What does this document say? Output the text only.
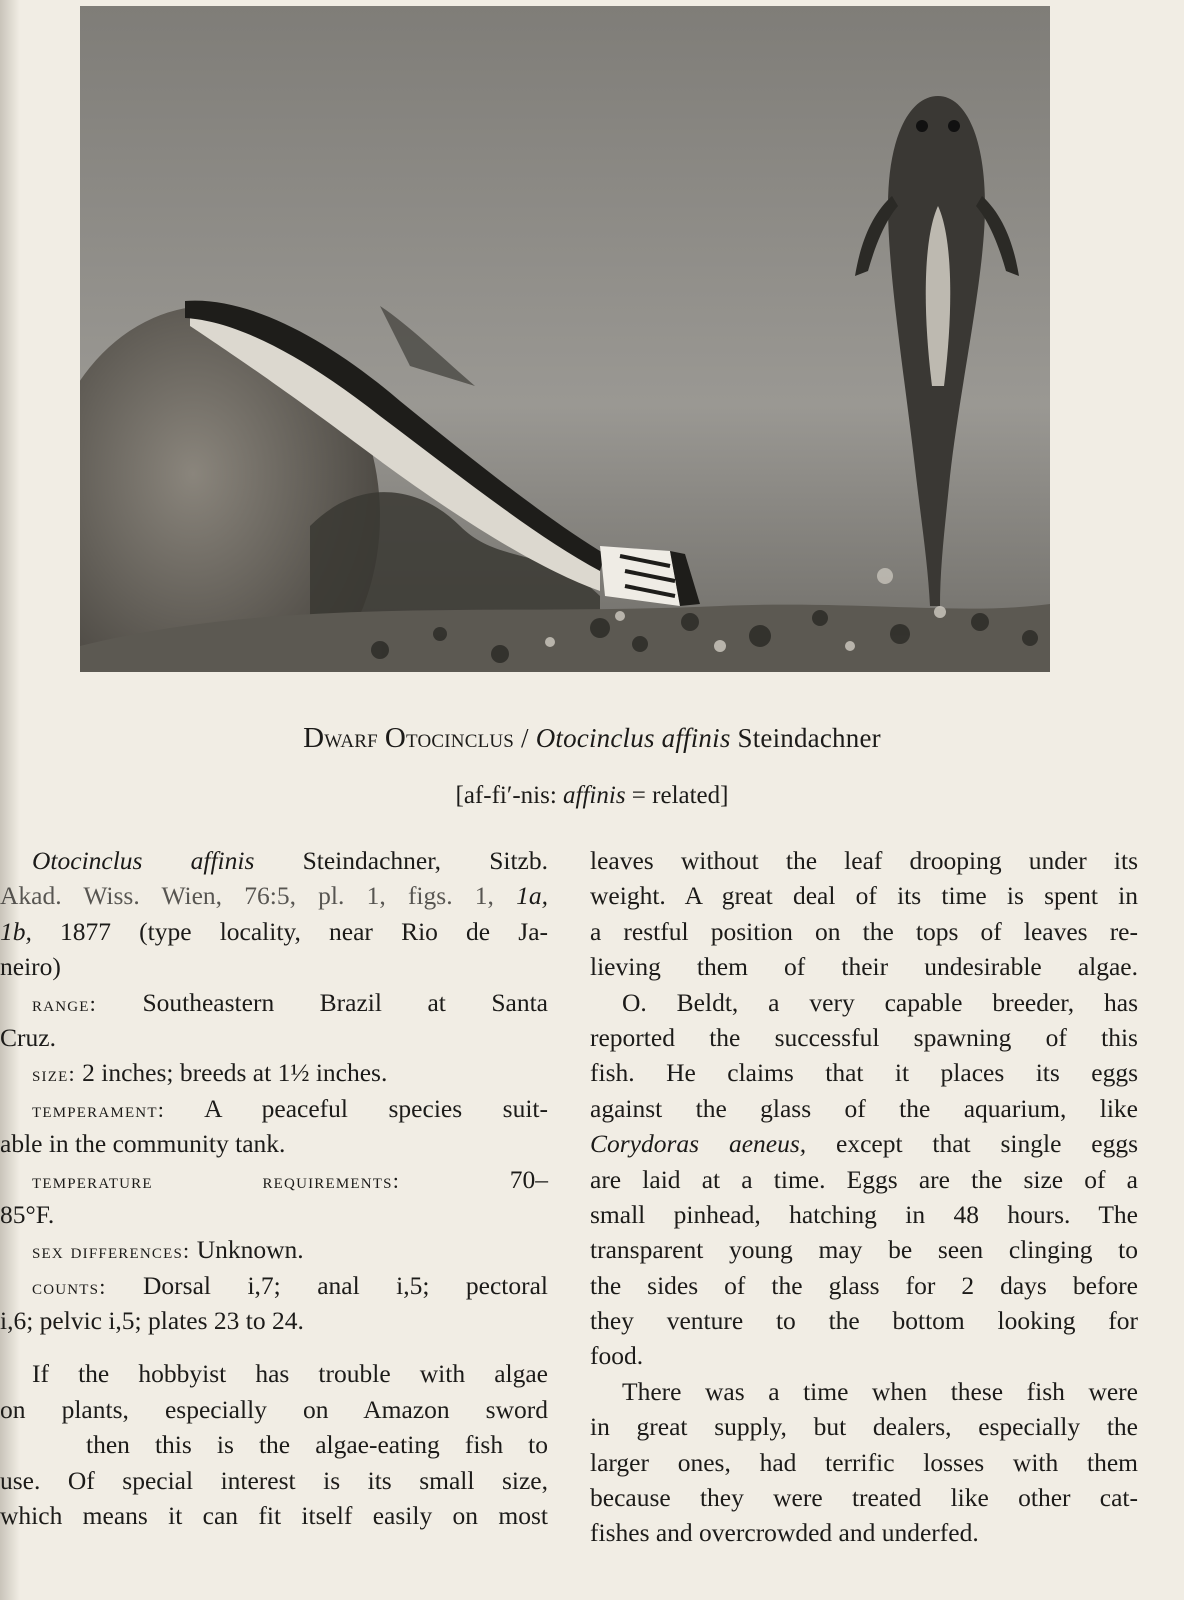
Dwarf Otocinclus / Otocinclus affinis Steindachner
[af-fi′-nis: affinis = related]
Otocinclus affinis Steindachner, Sitzb.
Akad. Wiss. Wien, 76:5, pl. 1, figs. 1, 1a,
1b, 1877 (type locality, near Rio de Ja-
neiro)
range: Southeastern Brazil at Santa
Cruz.
size: 2 inches; breeds at 1½ inches.
temperament: A peaceful species suit-
able in the community tank.
temperature	requirements:	70–
85°F.
sex differences: Unknown.
counts: Dorsal i,7; anal i,5; pectoral
i,6; pelvic i,5; plates 23 to 24.
If the hobbyist has trouble with algae
on plants, especially on Amazon sword
then this is the algae-eating fish to
use. Of special interest is its small size,
which means it can fit itself easily on most
leaves without the leaf drooping under its
weight. A great deal of its time is spent in
a restful position on the tops of leaves re-
lieving them of their undesirable algae.
O. Beldt, a very capable breeder, has
reported the successful spawning of this
fish. He claims that it places its eggs
against the glass of the aquarium, like
Corydoras aeneus, except that single eggs
are laid at a time. Eggs are the size of a
small pinhead, hatching in 48 hours. The
transparent young may be seen clinging to
the sides of the glass for 2 days before
they venture to the bottom looking for
food.
There was a time when these fish were
in great supply, but dealers, especially the
larger ones, had terrific losses with them
because they were treated like other cat-
fishes and overcrowded and underfed.
